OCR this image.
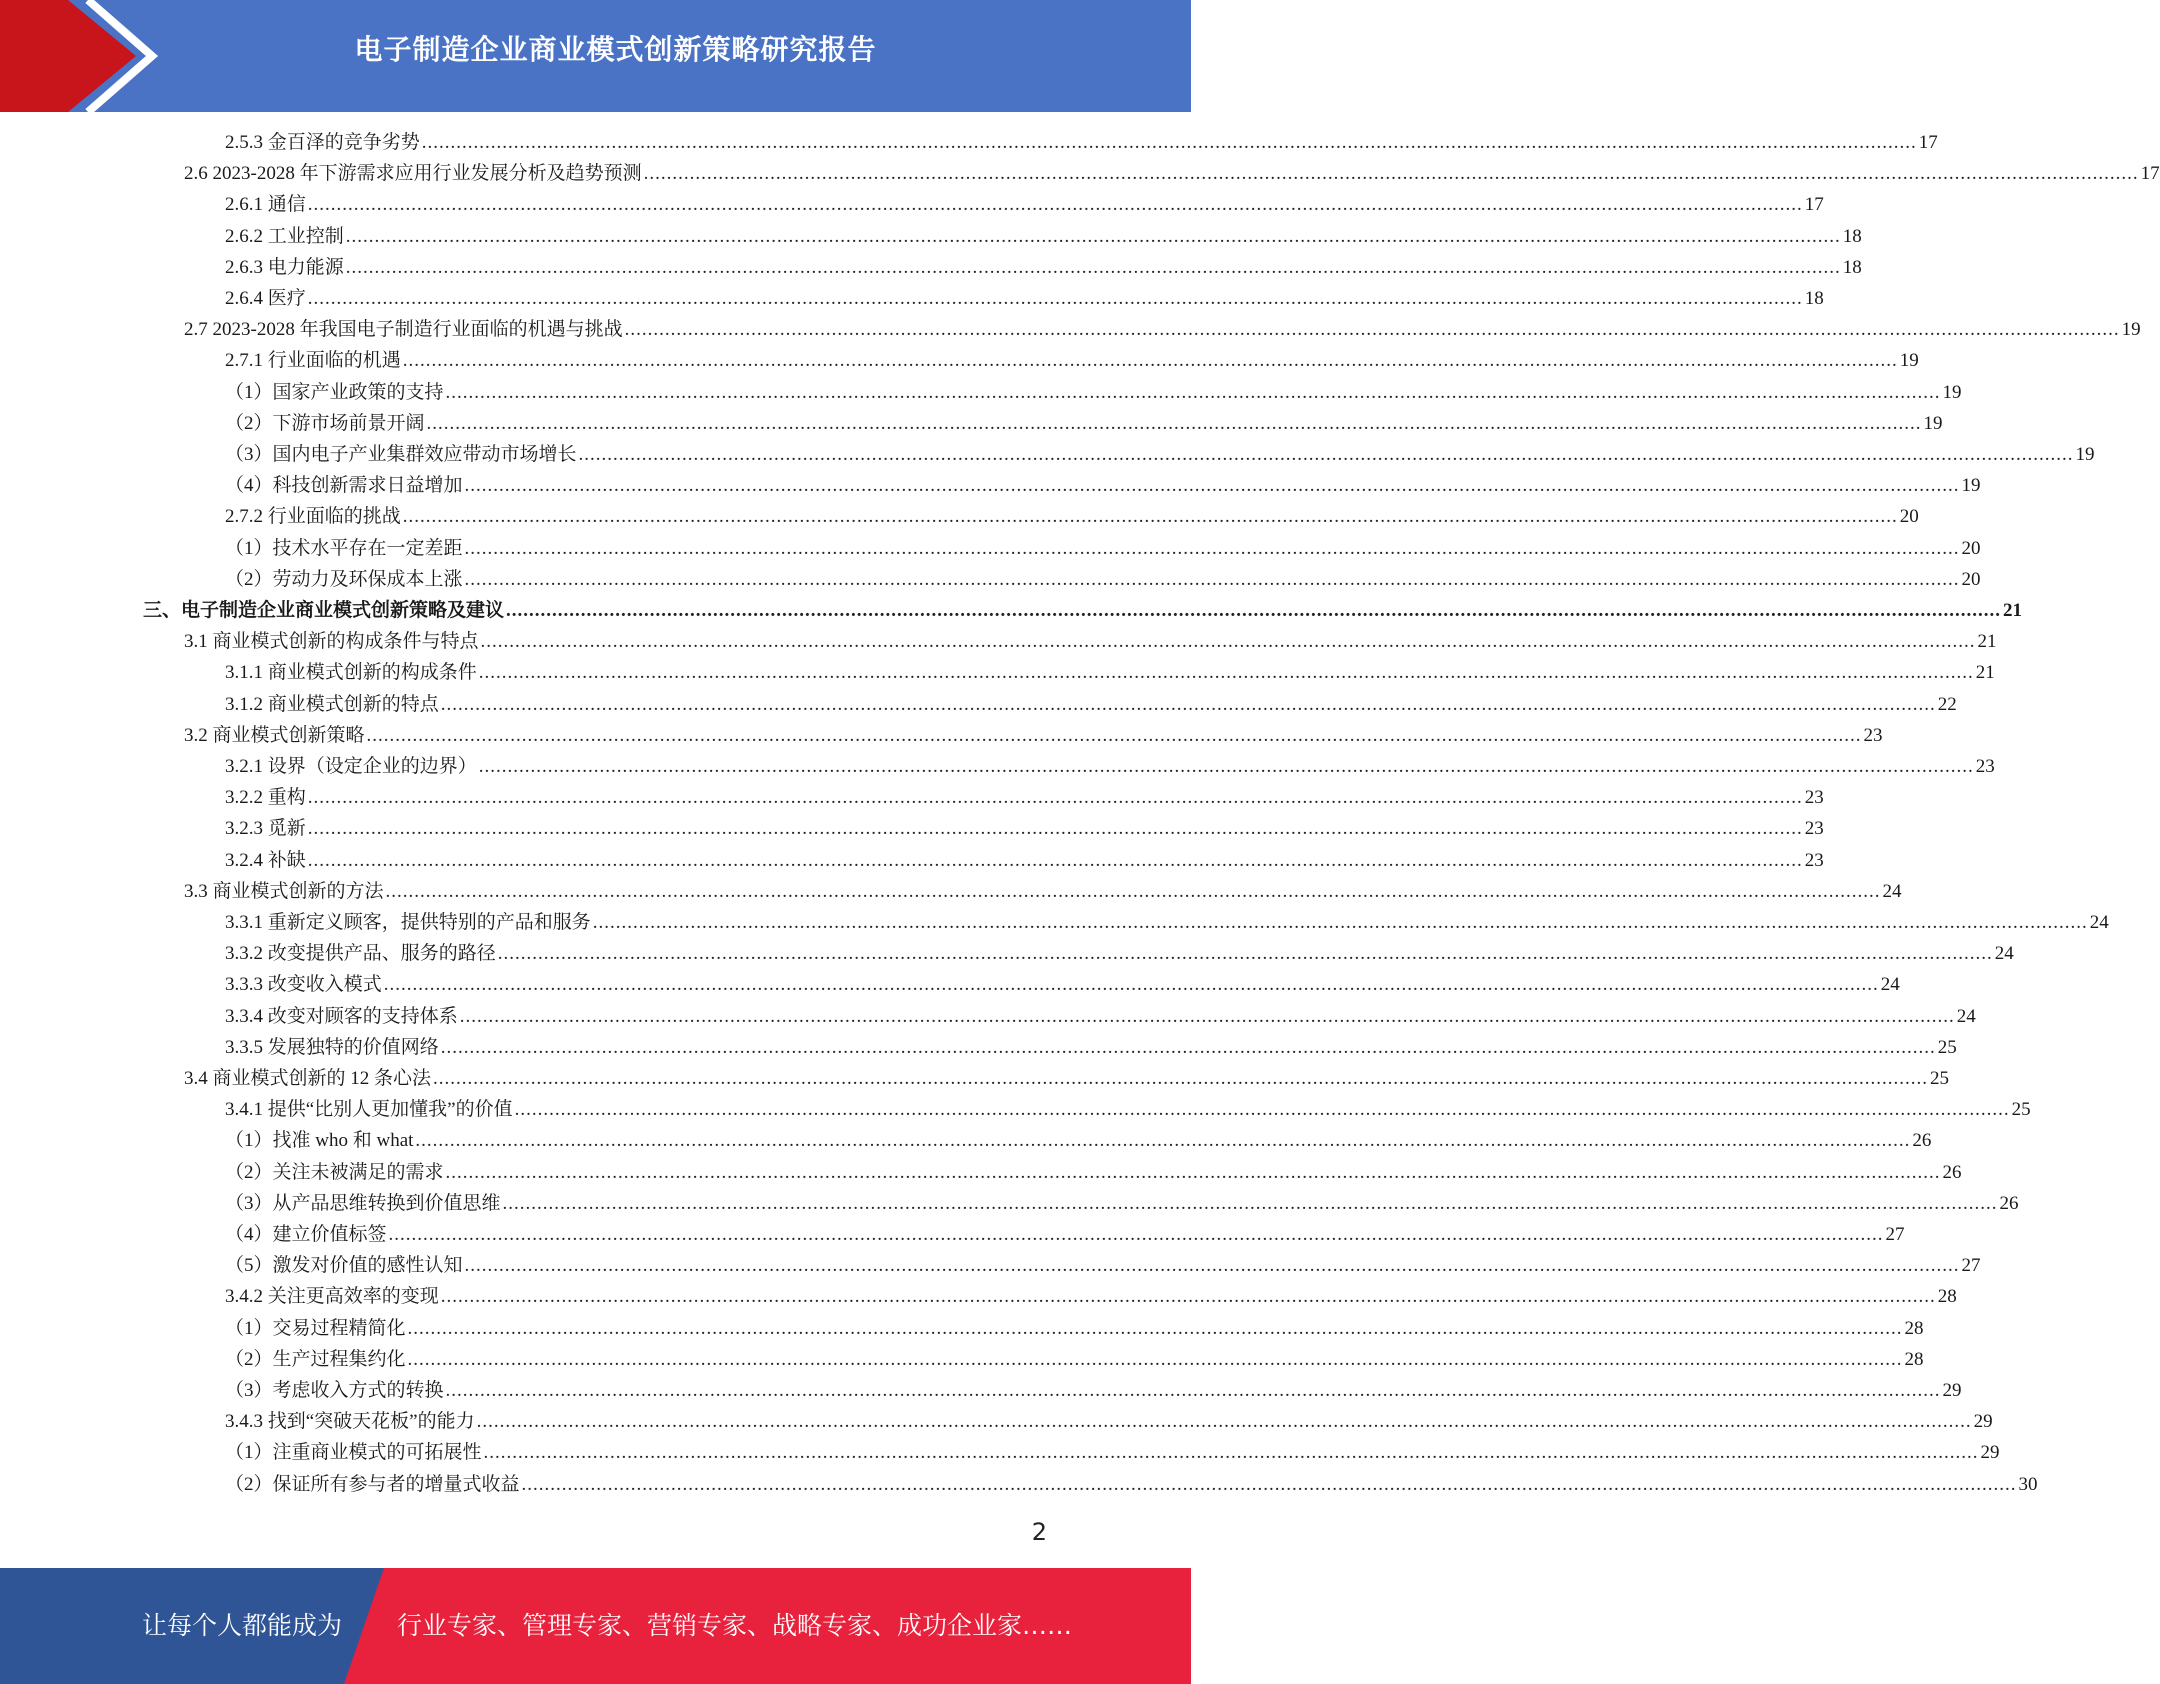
电子制造企业商业模式创新策略研究报告
2.5.3 金百泽的竞争劣势 .................................................................................................................................................................................................................................................................... 17
2.6 2023-2028 年下游需求应用行业发展分析及趋势预测 .................................................................................................................................................................................................................................................................... 17
2.6.1 通信 .................................................................................................................................................................................................................................................................... 17
2.6.2 工业控制 .................................................................................................................................................................................................................................................................... 18
2.6.3 电力能源 .................................................................................................................................................................................................................................................................... 18
2.6.4 医疗 .................................................................................................................................................................................................................................................................... 18
2.7 2023-2028 年我国电子制造行业面临的机遇与挑战 .................................................................................................................................................................................................................................................................... 19
2.7.1 行业面临的机遇 .................................................................................................................................................................................................................................................................... 19
（1）国家产业政策的支持 .................................................................................................................................................................................................................................................................... 19
（2）下游市场前景开阔 .................................................................................................................................................................................................................................................................... 19
（3）国内电子产业集群效应带动市场增长 .................................................................................................................................................................................................................................................................... 19
（4）科技创新需求日益增加 .................................................................................................................................................................................................................................................................... 19
2.7.2 行业面临的挑战 .................................................................................................................................................................................................................................................................... 20
（1）技术水平存在一定差距 .................................................................................................................................................................................................................................................................... 20
（2）劳动力及环保成本上涨 .................................................................................................................................................................................................................................................................... 20
三、电子制造企业商业模式创新策略及建议 .................................................................................................................................................................................................................................................................... 21
3.1 商业模式创新的构成条件与特点 .................................................................................................................................................................................................................................................................... 21
3.1.1 商业模式创新的构成条件 .................................................................................................................................................................................................................................................................... 21
3.1.2 商业模式创新的特点 .................................................................................................................................................................................................................................................................... 22
3.2 商业模式创新策略 .................................................................................................................................................................................................................................................................... 23
3.2.1 设界（设定企业的边界） .................................................................................................................................................................................................................................................................... 23
3.2.2 重构 .................................................................................................................................................................................................................................................................... 23
3.2.3 觅新 .................................................................................................................................................................................................................................................................... 23
3.2.4 补缺 .................................................................................................................................................................................................................................................................... 23
3.3 商业模式创新的方法 .................................................................................................................................................................................................................................................................... 24
3.3.1 重新定义顾客，提供特别的产品和服务 .................................................................................................................................................................................................................................................................... 24
3.3.2 改变提供产品、服务的路径 .................................................................................................................................................................................................................................................................... 24
3.3.3 改变收入模式 .................................................................................................................................................................................................................................................................... 24
3.3.4 改变对顾客的支持体系 .................................................................................................................................................................................................................................................................... 24
3.3.5 发展独特的价值网络 .................................................................................................................................................................................................................................................................... 25
3.4 商业模式创新的 12 条心法 .................................................................................................................................................................................................................................................................... 25
3.4.1 提供“比别人更加懂我”的价值 .................................................................................................................................................................................................................................................................... 25
（1）找准 who 和 what .................................................................................................................................................................................................................................................................... 26
（2）关注未被满足的需求 .................................................................................................................................................................................................................................................................... 26
（3）从产品思维转换到价值思维 .................................................................................................................................................................................................................................................................... 26
（4）建立价值标签 .................................................................................................................................................................................................................................................................... 27
（5）激发对价值的感性认知 .................................................................................................................................................................................................................................................................... 27
3.4.2 关注更高效率的变现 .................................................................................................................................................................................................................................................................... 28
（1）交易过程精简化 .................................................................................................................................................................................................................................................................... 28
（2）生产过程集约化 .................................................................................................................................................................................................................................................................... 28
（3）考虑收入方式的转换 .................................................................................................................................................................................................................................................................... 29
3.4.3 找到“突破天花板”的能力 .................................................................................................................................................................................................................................................................... 29
（1）注重商业模式的可拓展性 .................................................................................................................................................................................................................................................................... 29
（2）保证所有参与者的增量式收益 .................................................................................................................................................................................................................................................................... 30
2
让每个人都能成为 行业专家、管理专家、营销专家、战略专家、成功企业家……
